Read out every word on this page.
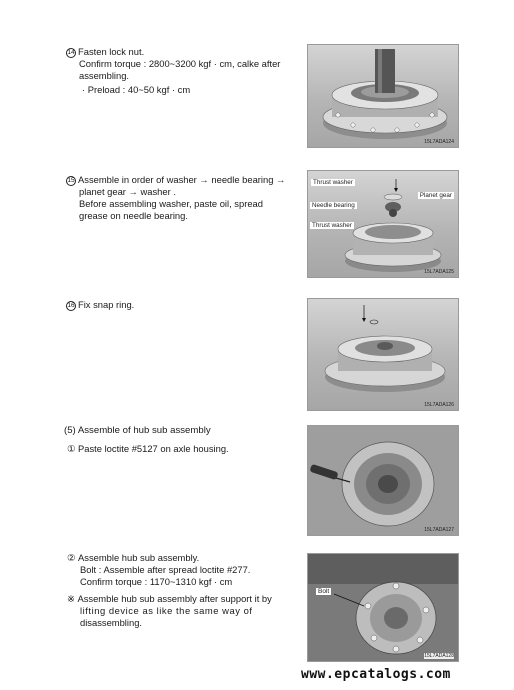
14 Fasten lock nut.
Confirm torque : 2800~3200 kgf · cm, calke after
assembling.
· Preload : 40~50 kgf · cm
15L7ADA124
15 Assemble in order of washer → needle bearing →
planet gear → washer .
Before assembling washer, paste oil, spread
grease on needle bearing.
Thrust washer
Planet gear
Needle bearing
Thrust washer
15L7ADA125
16 Fix snap ring.
15L7ADA126
(5) Assemble of hub sub assembly
① Paste loctite #5127 on axle housing.
15L7ADA127
② Assemble hub sub assembly.
Bolt : Assemble after spread loctite #277.
Confirm torque : 1170~1310 kgf · cm
※ Assemble hub sub assembly after support it by
lifting device as like the same way of
disassembling.
Bolt
15L7ADA128
www.epcatalogs.com
